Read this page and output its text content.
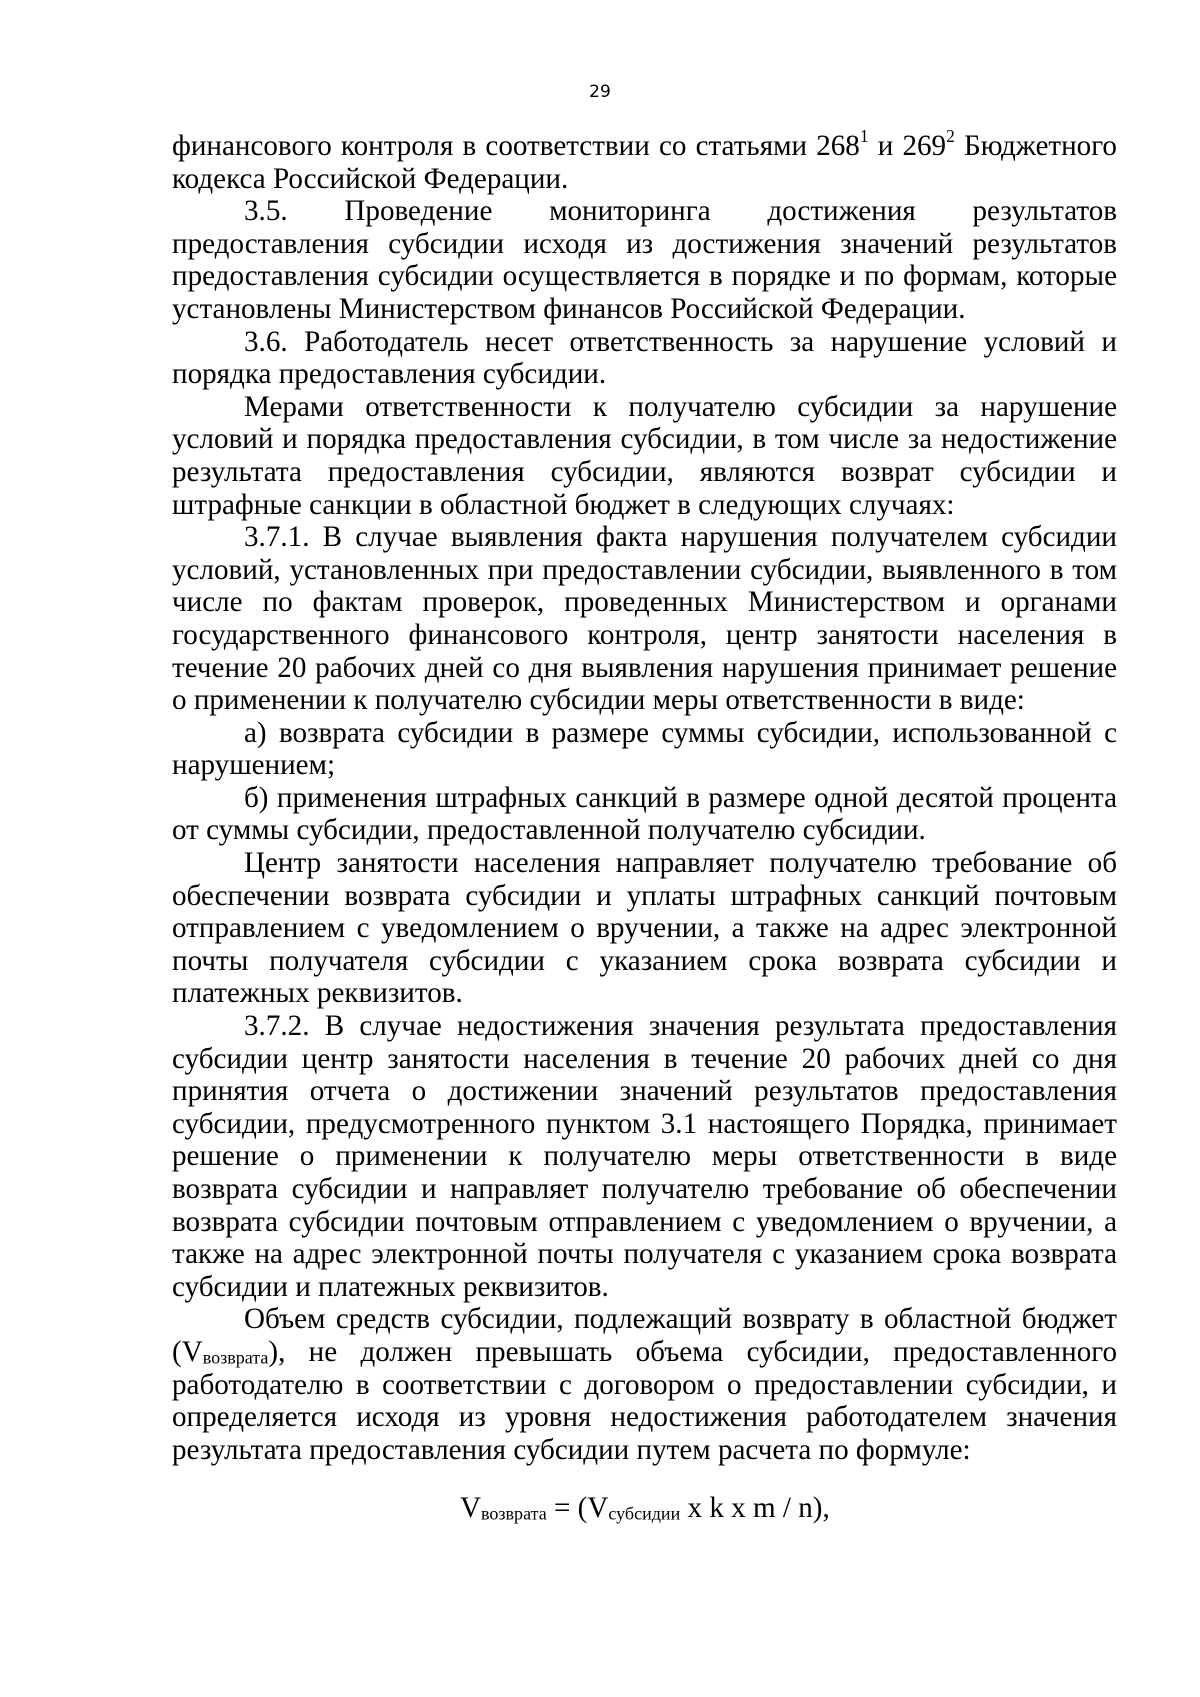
29

финансового контроля в соответствии со статьями $268^1$ и $269^2$ Бюджетного кодекса Российской Федерации.

3.5. Проведение мониторинга достижения результатов предоставления субсидии исходя из достижения значений результатов предоставления субсидии осуществляется в порядке и по формам, которые установлены Министерством финансов Российской Федерации.

3.6. Работодатель несет ответственность за нарушение условий и порядка предоставления субсидии.

Мерами ответственности к получателю субсидии за нарушение условий и порядка предоставления субсидии, в том числе за недостижение результата предоставления субсидии, являются возврат субсидии и штрафные санкции в областной бюджет в следующих случаях:

3.7.1. В случае выявления факта нарушения получателем субсидии условий, установленных при предоставлении субсидии, выявленного в том числе по фактам проверок, проведенных Министерством и органами государственного финансового контроля, центр занятости населения в течение 20 рабочих дней со дня выявления нарушения принимает решение о применении к получателю субсидии меры ответственности в виде:

а) возврата субсидии в размере суммы субсидии, использованной с нарушением;

б) применения штрафных санкций в размере одной десятой процента от суммы субсидии, предоставленной получателю субсидии.

Центр занятости населения направляет получателю требование об обеспечении возврата субсидии и уплаты штрафных санкций почтовым отправлением с уведомлением о вручении, а также на адрес электронной почты получателя субсидии с указанием срока возврата субсидии и платежных реквизитов.

3.7.2. В случае недостижения значения результата предоставления субсидии центр занятости населения в течение 20 рабочих дней со дня принятия отчета о достижении значений результатов предоставления субсидии, предусмотренного пунктом 3.1 настоящего Порядка, принимает решение о применении к получателю меры ответственности в виде возврата субсидии и направляет получателю требование об обеспечении возврата субсидии почтовым отправлением с уведомлением о вручении, а также на адрес электронной почты получателя с указанием срока возврата субсидии и платежных реквизитов.

Объем средств субсидии, подлежащий возврату в областной бюджет $(V_{возврата})$, не должен превышать объема субсидии, предоставленного работодателю в соответствии с договором о предоставлении субсидии, и определяется исходя из уровня недостижения работодателем значения результата предоставления субсидии путем расчета по формуле:

$V_{возврата} = (V_{субсидии}$ x k x m / n),
